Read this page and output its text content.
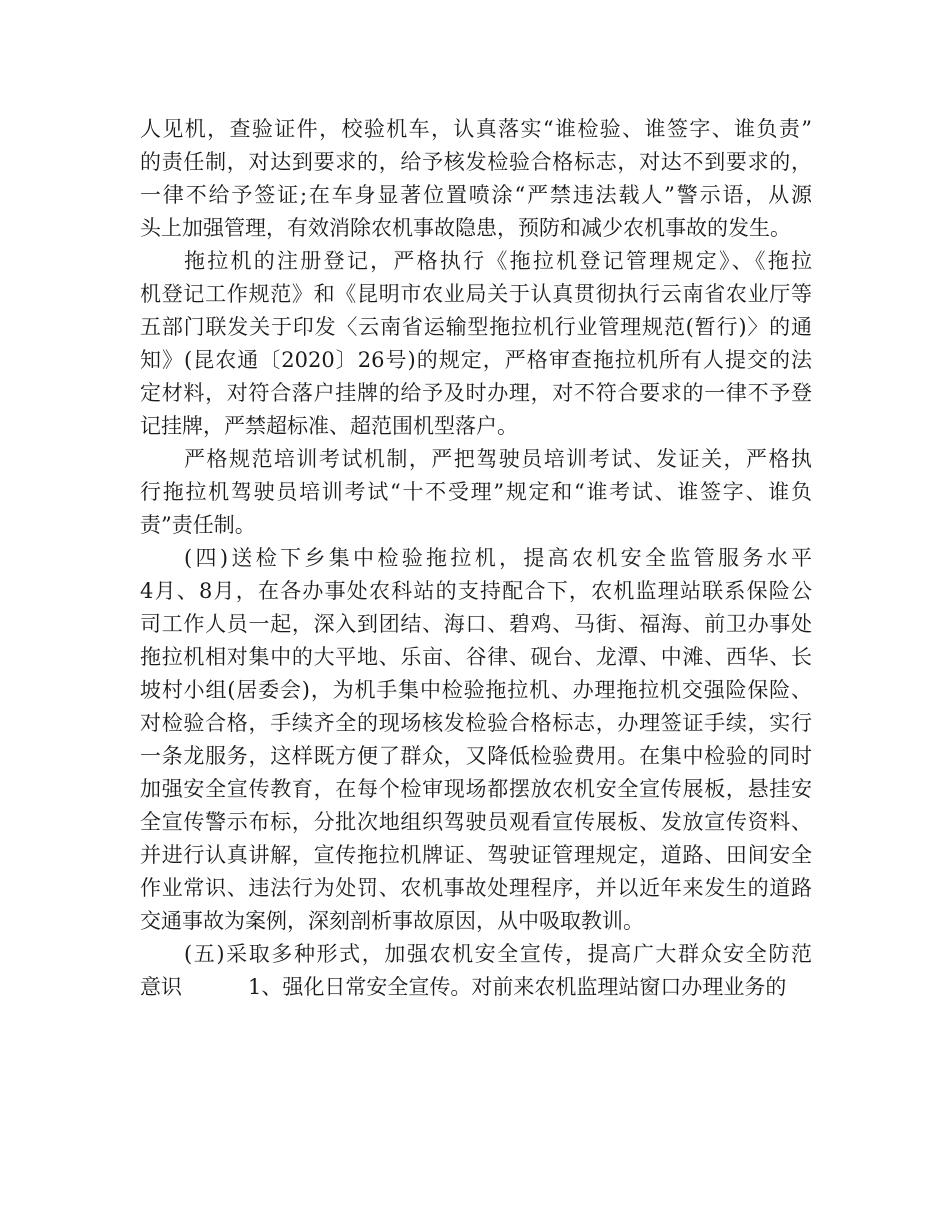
人见机，查验证件，校验机车，认真落实“谁检验、谁签字、谁负责”
的责任制，对达到要求的，给予核发检验合格标志，对达不到要求的，
一律不给予签证;在车身显著位置喷涂“严禁违法载人”警示语，从源
头上加强管理，有效消除农机事故隐患，预防和减少农机事故的发生。
拖拉机的注册登记，严格执行《拖拉机登记管理规定》、《拖拉
机登记工作规范》和《昆明市农业局关于认真贯彻执行云南省农业厅等
五部门联发关于印发〈云南省运输型拖拉机行业管理规范(暂行)〉的通
知》(昆农通〔2020〕26号)的规定，严格审查拖拉机所有人提交的法
定材料，对符合落户挂牌的给予及时办理，对不符合要求的一律不予登
记挂牌，严禁超标准、超范围机型落户。
严格规范培训考试机制，严把驾驶员培训考试、发证关，严格执
行拖拉机驾驶员培训考试“十不受理”规定和“谁考试、谁签字、谁负
责”责任制。
(四)送检下乡集中检验拖拉机，提高农机安全监管服务水平
4月、8月，在各办事处农科站的支持配合下，农机监理站联系保险公
司工作人员一起，深入到团结、海口、碧鸡、马街、福海、前卫办事处
拖拉机相对集中的大平地、乐亩、谷律、砚台、龙潭、中滩、西华、长
坡村小组(居委会)，为机手集中检验拖拉机、办理拖拉机交强险保险、
对检验合格，手续齐全的现场核发检验合格标志，办理签证手续，实行
一条龙服务，这样既方便了群众，又降低检验费用。在集中检验的同时
加强安全宣传教育，在每个检审现场都摆放农机安全宣传展板，悬挂安
全宣传警示布标，分批次地组织驾驶员观看宣传展板、发放宣传资料、
并进行认真讲解，宣传拖拉机牌证、驾驶证管理规定，道路、田间安全
作业常识、违法行为处罚、农机事故处理程序，并以近年来发生的道路
交通事故为案例，深刻剖析事故原因，从中吸取教训。
(五)采取多种形式，加强农机安全宣传，提高广大群众安全防范
意识	1、强化日常安全宣传。对前来农机监理站窗口办理业务的
